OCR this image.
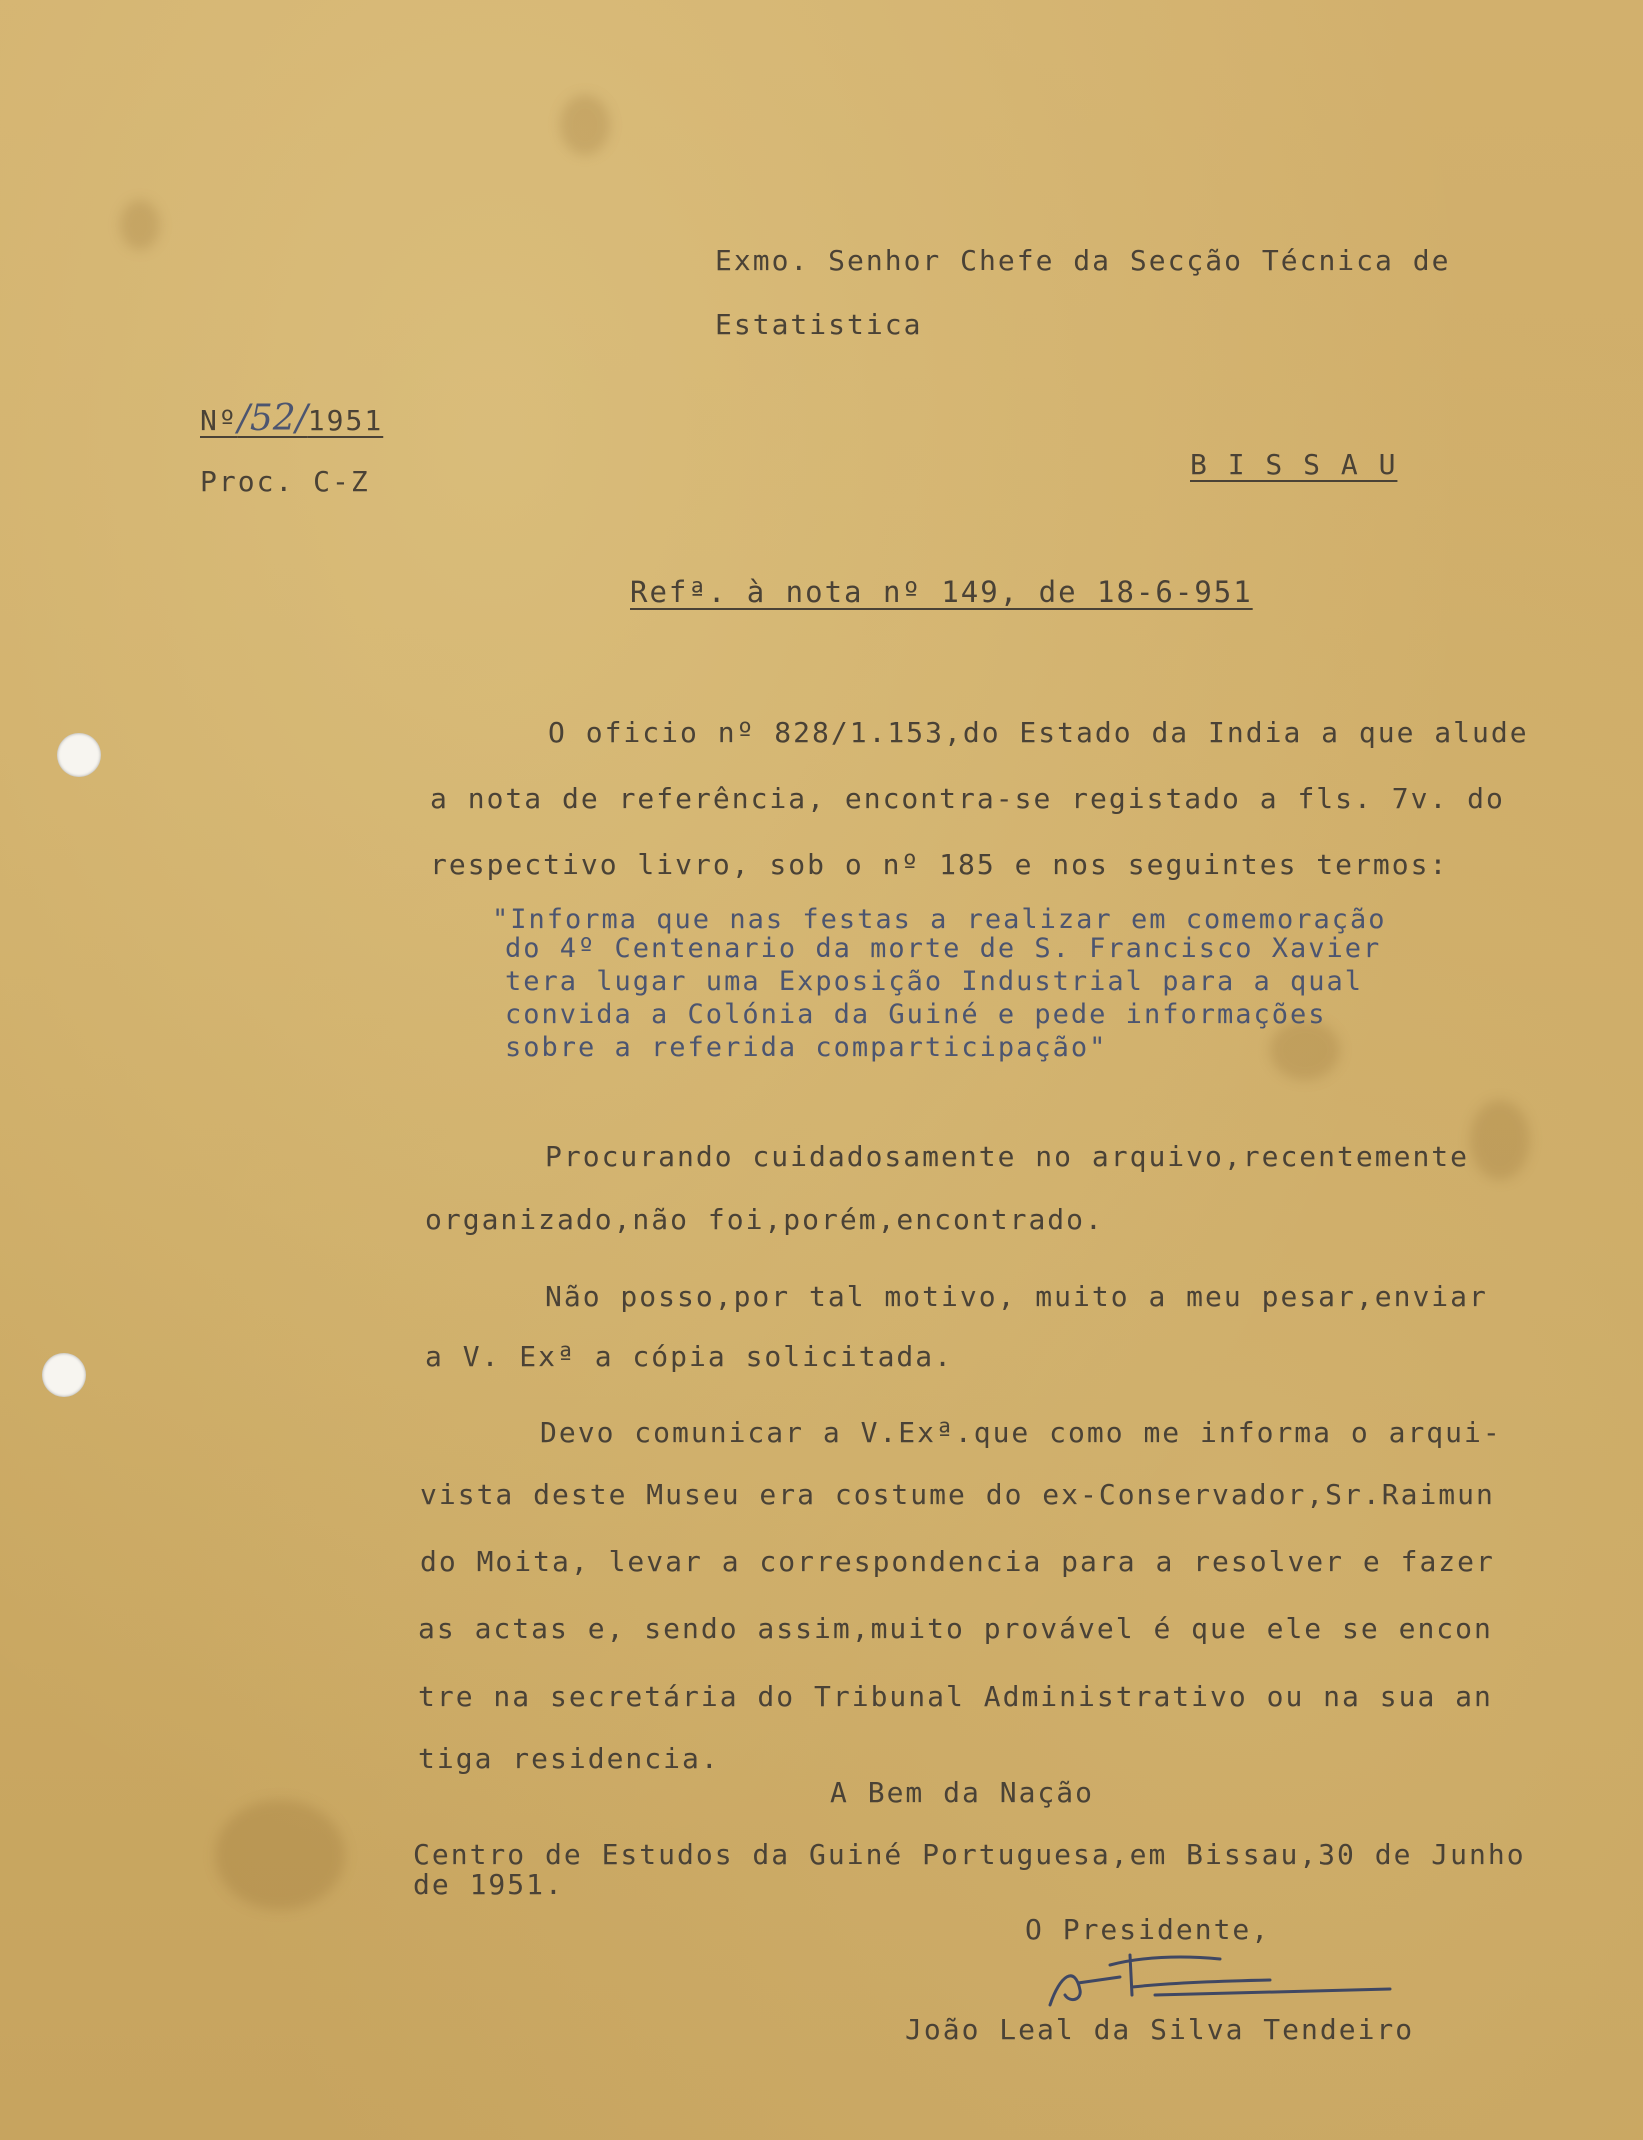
Exmo. Senhor Chefe da Secção Técnica de
Estatistica
Nº/52/1951
Proc. C-Z
B I S S A U
Refª. à nota nº 149, de 18-6-951
O oficio nº 828/1.153,do Estado da India a que alude
a nota de referência, encontra-se registado a fls. 7v. do
respectivo livro, sob o nº 185 e nos seguintes termos:
"Informa que nas festas a realizar em comemoração
do 4º Centenario da morte de S. Francisco Xavier
tera lugar uma Exposição Industrial para a qual
convida a Colónia da Guiné e pede informações
sobre a referida comparticipação"
Procurando cuidadosamente no arquivo,recentemente
organizado,não foi,porém,encontrado.
Não posso,por tal motivo, muito a meu pesar,enviar
a V. Exª a cópia solicitada.
Devo comunicar a V.Exª.que como me informa o arqui-
vista deste Museu era costume do ex-Conservador,Sr.Raimun
do Moita, levar a correspondencia para a resolver e fazer
as actas e, sendo assim,muito provável é que ele se encon
tre na secretária do Tribunal Administrativo ou na sua an
tiga residencia.
A Bem da Nação
Centro de Estudos da Guiné Portuguesa,em Bissau,30 de Junho
de 1951.
O Presidente,
João Leal da Silva Tendeiro
